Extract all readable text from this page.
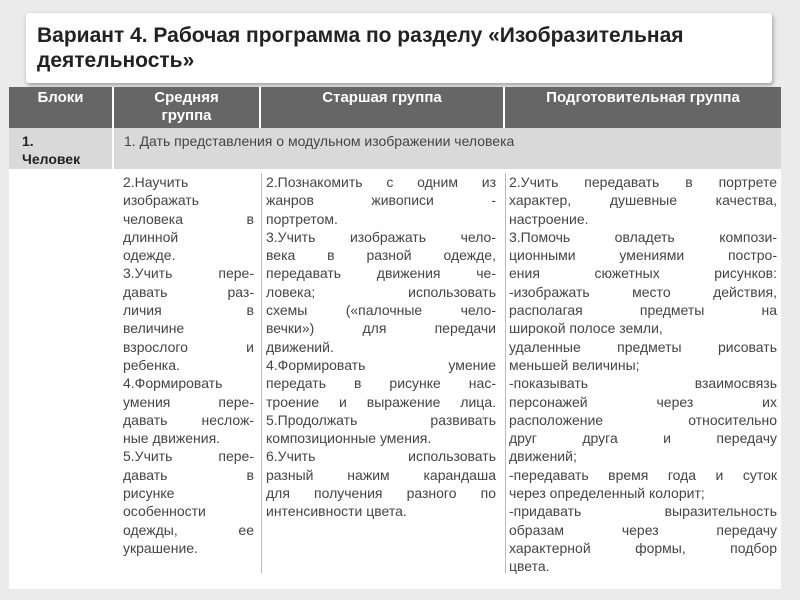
Вариант 4. Рабочая программа по разделу «Изобразительная
деятельность»
Блоки	Средняя
группа
Старшая группа	Подготовительная группа
1.
Человек
1. Дать представления о модульном изображении человека
2.Научить
изображать
человека в
длинной
одежде.
3.Учить пере-
давать раз-
личия в
величине
взрослого и
ребенка.
4.Формировать
умения пере-
давать неслож-
ные движения.
5.Учить пере-
давать в
рисунке
особенности
одежды, ее
украшение.
2.Познакомить с одним из
жанров живописи -
портретом.
3.Учить изображать чело-
века в разной одежде,
передавать движения че-
ловека; использовать
схемы («палочные чело-
вечки») для передачи
движений.
4.Формировать умение
передать в рисунке нас-
троение и выражение лица.
5.Продолжать развивать
композиционные умения.
6.Учить использовать
разный нажим карандаша
для получения разного по
интенсивности цвета.
2.Учить передавать в портрете
характер, душевные качества,
настроение.
3.Помочь овладеть компози-
ционными умениями постро-
ения сюжетных рисунков:
-изображать место действия,
располагая предметы на
широкой полосе земли,
удаленные предметы рисовать
меньшей величины;
-показывать взаимосвязь
персонажей через их
расположение относительно
друг друга и передачу
движений;
-передавать время года и суток
через определенный колорит;
-придавать выразительность
образам через передачу
характерной формы, подбор
цвета.
